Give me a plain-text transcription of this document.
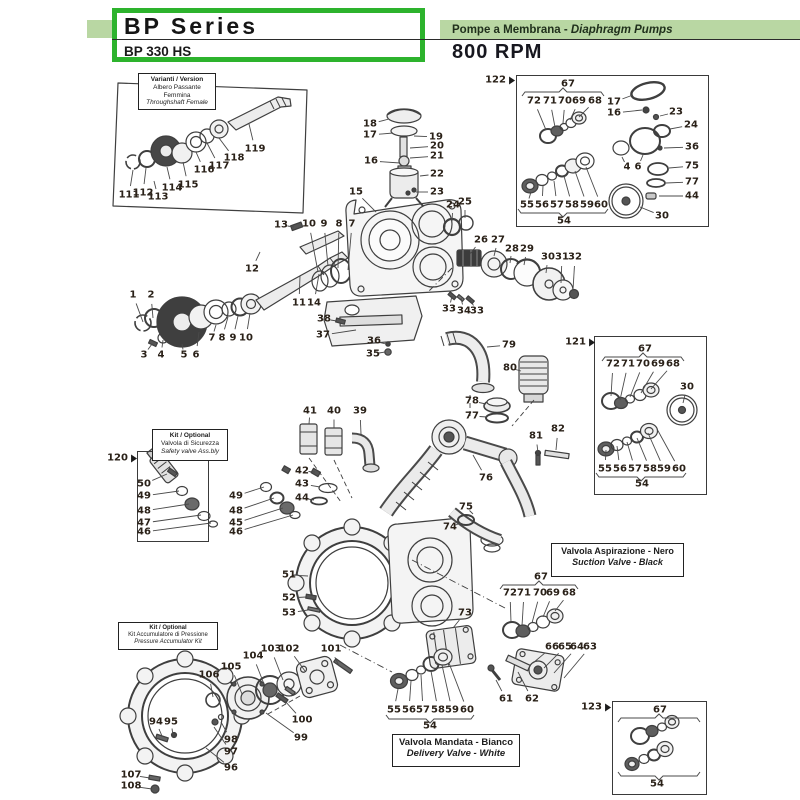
BP Series
BP 330 HS
Pompe a Membrana - Diaphragm Pumps
800 RPM
120
121
122
123
Varianti / Version
Albero Passante Femmina
Throughshaft Female
Kit / Optional
Valvola di Sicurezza
Safety valve Ass.bly
Kit / Optional
Kit Accumulatore di Pressione
Pressure Accumulator Kit
Valvola Aspirazione - Nero
Suction Valve - Black
Valvola Mandata - Bianco
Delivery Valve - White
1 2
3 4 5 6
7 8 9 10
11 14
12
13 10 9 8 7
15
16
17
18
19
20
21
22
23
24
25
26 27
28 29
30 31 32
33 34 33
38
37
36
35
111
112
113
114
115
116
117
118
119
41 40 39
42
43
44
50
49
48
47
46
49
48
45
46
51
52
53
79
80
78
77
76
81
82
75
74
73
61 62
66 65
64 63
72 71 70 69 68
55 56 57 58 59 60
72 71 70 69 68 17
16	23
24
36
75
77
44
30
4 6
55 56 57 58 59 60
72 71 70 69 68
30
55 56 57 58 59 60
94 95
106
105
104
103
102 101
100
99
98
97
96
107
108
67
54
67
54
67
54
67
54
